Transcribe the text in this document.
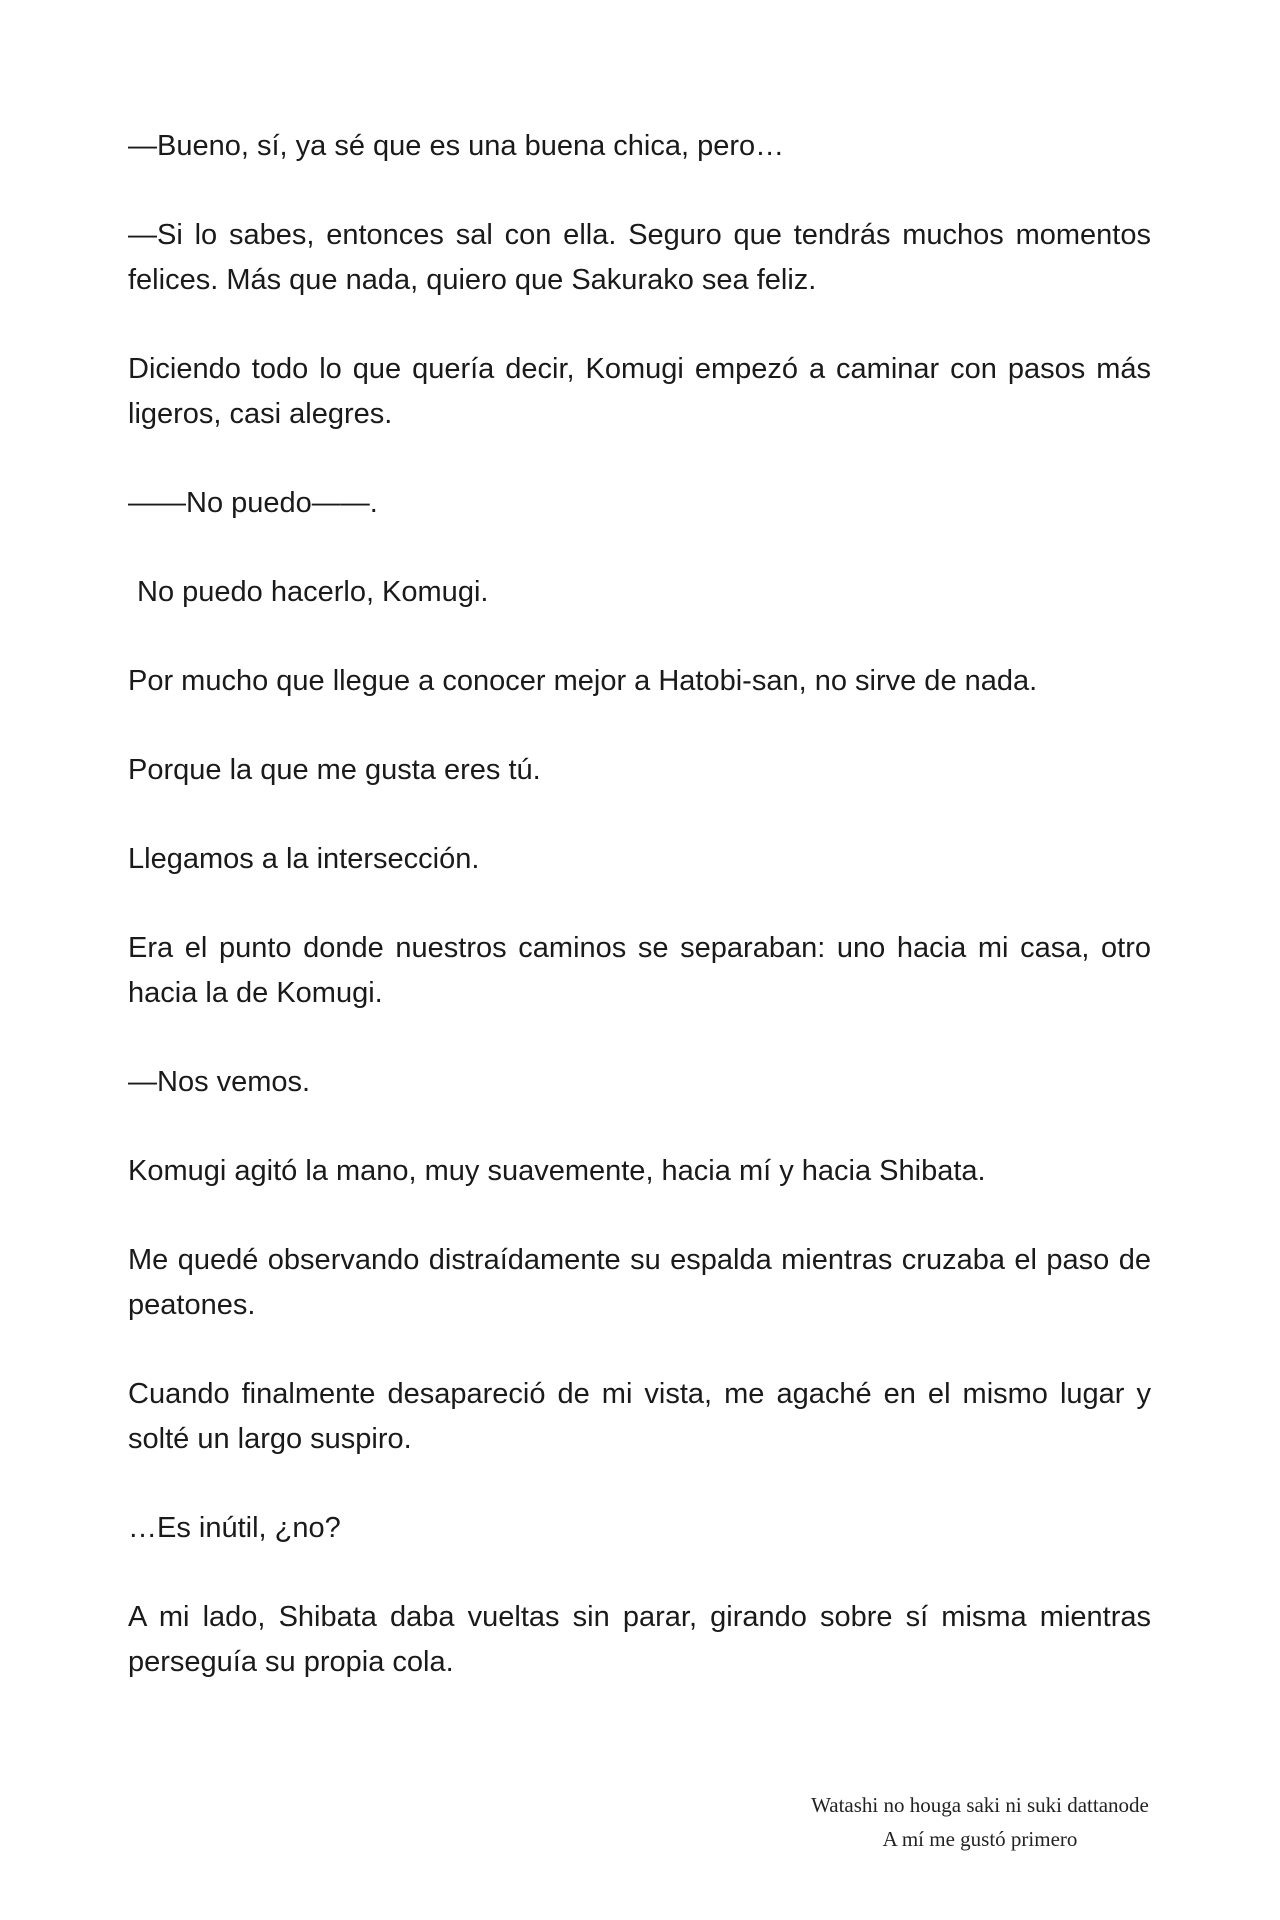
—Bueno, sí, ya sé que es una buena chica, pero…

—Si lo sabes, entonces sal con ella. Seguro que tendrás muchos momentos felices. Más que nada, quiero que Sakurako sea feliz.

Diciendo todo lo que quería decir, Komugi empezó a caminar con pasos más ligeros, casi alegres.

——No puedo——.

No puedo hacerlo, Komugi.

Por mucho que llegue a conocer mejor a Hatobi-san, no sirve de nada.

Porque la que me gusta eres tú.

Llegamos a la intersección.

Era el punto donde nuestros caminos se separaban: uno hacia mi casa, otro hacia la de Komugi.

—Nos vemos.

Komugi agitó la mano, muy suavemente, hacia mí y hacia Shibata.

Me quedé observando distraídamente su espalda mientras cruzaba el paso de peatones.

Cuando finalmente desapareció de mi vista, me agaché en el mismo lugar y solté un largo suspiro.

…Es inútil, ¿no?

A mi lado, Shibata daba vueltas sin parar, girando sobre sí misma mientras perseguía su propia cola.

Watashi no houga saki ni suki dattanode
A mí me gustó primero
